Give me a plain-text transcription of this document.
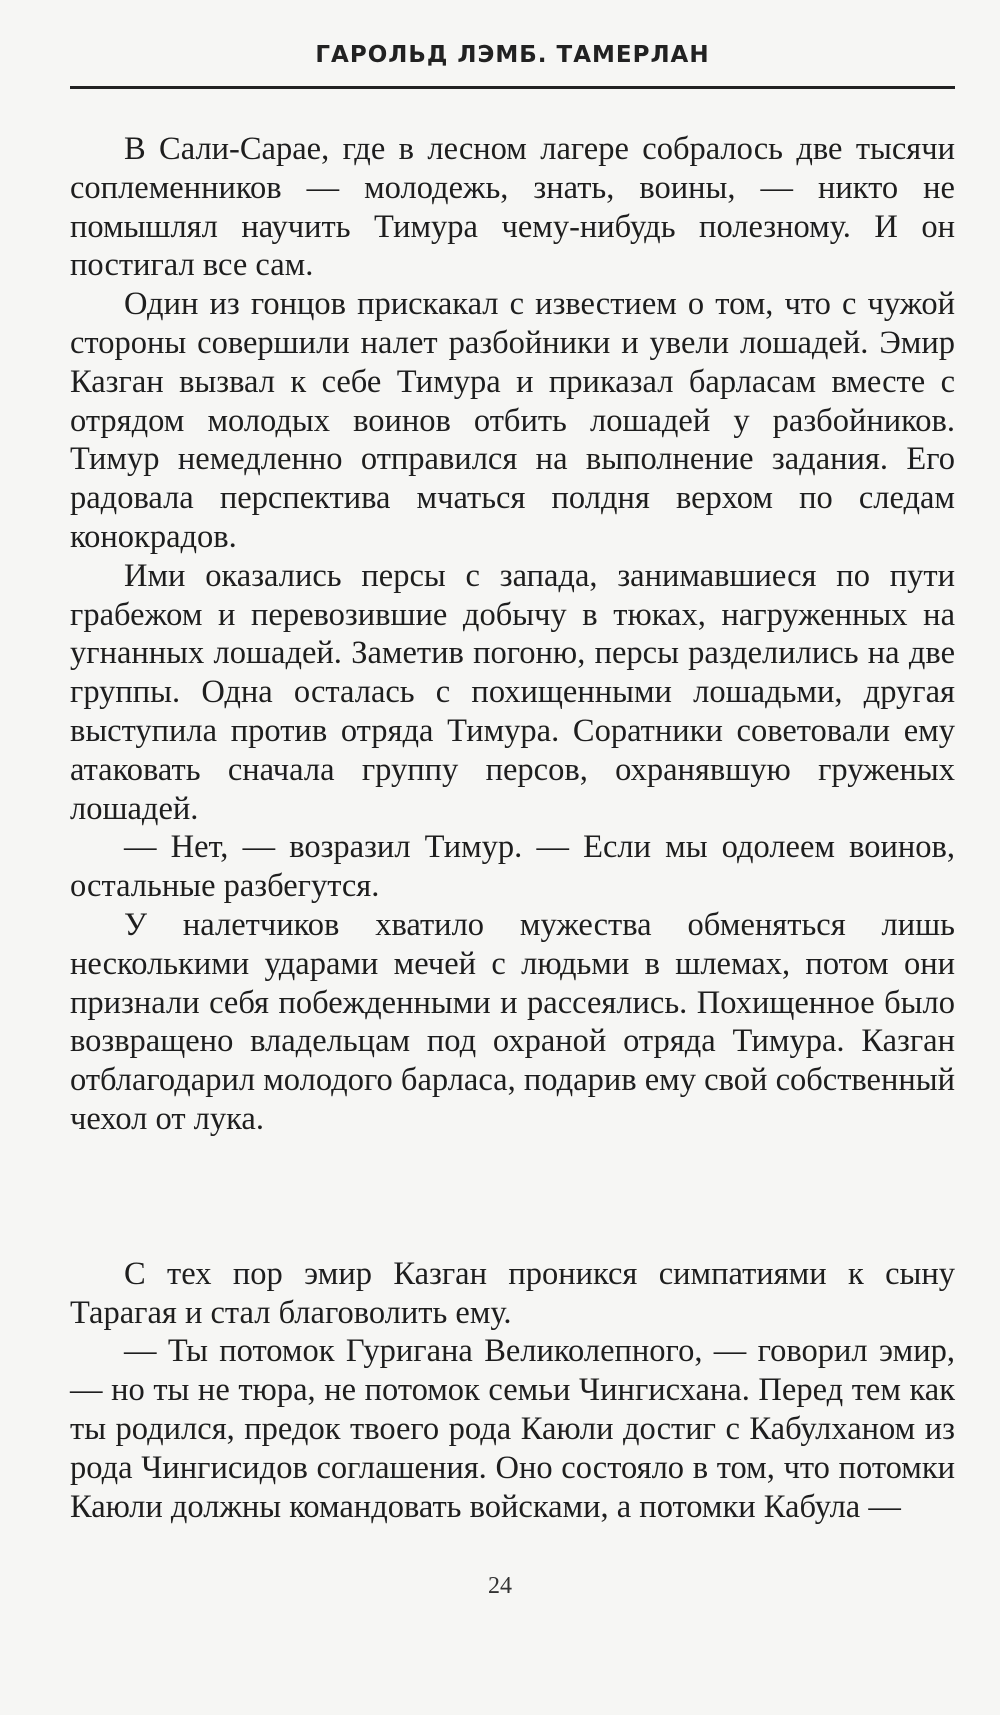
ГАРОЛЬД ЛЭМБ. ТАМЕРЛАН

В Сали-Сарае, где в лесном лагере собралось две тысячи соплеменников — молодежь, знать, воины, — никто не помышлял научить Тимура чему-нибудь полезному. И он постигал все сам.

Один из гонцов прискакал с известием о том, что с чужой стороны совершили налет разбойники и увели лошадей. Эмир Казган вызвал к себе Тимура и приказал барласам вместе с отрядом молодых воинов отбить лошадей у разбойников. Тимур немедленно отправился на выполнение задания. Его радовала перспектива мчаться полдня верхом по следам конокрадов.

Ими оказались персы с запада, занимавшиеся по пути грабежом и перевозившие добычу в тюках, нагруженных на угнанных лошадей. Заметив погоню, персы разделились на две группы. Одна осталась с похищенными лошадьми, другая выступила против отряда Тимура. Соратники советовали ему атаковать сначала группу персов, охранявшую груженых лошадей.

— Нет, — возразил Тимур. — Если мы одолеем воинов, остальные разбегутся.

У налетчиков хватило мужества обменяться лишь несколькими ударами мечей с людьми в шлемах, потом они признали себя побежденными и рассеялись. Похищенное было возвращено владельцам под охраной отряда Тимура. Казган отблагодарил молодого барласа, подарив ему свой собственный чехол от лука.

С тех пор эмир Казган проникся симпатиями к сыну Тарагая и стал благоволить ему.

— Ты потомок Гуригана Великолепного, — говорил эмир, — но ты не тюра, не потомок семьи Чингисхана. Перед тем как ты родился, предок твоего рода Каюли достиг с Кабулханом из рода Чингисидов соглашения. Оно состояло в том, что потомки Каюли должны командовать войсками, а потомки Кабула —

24
